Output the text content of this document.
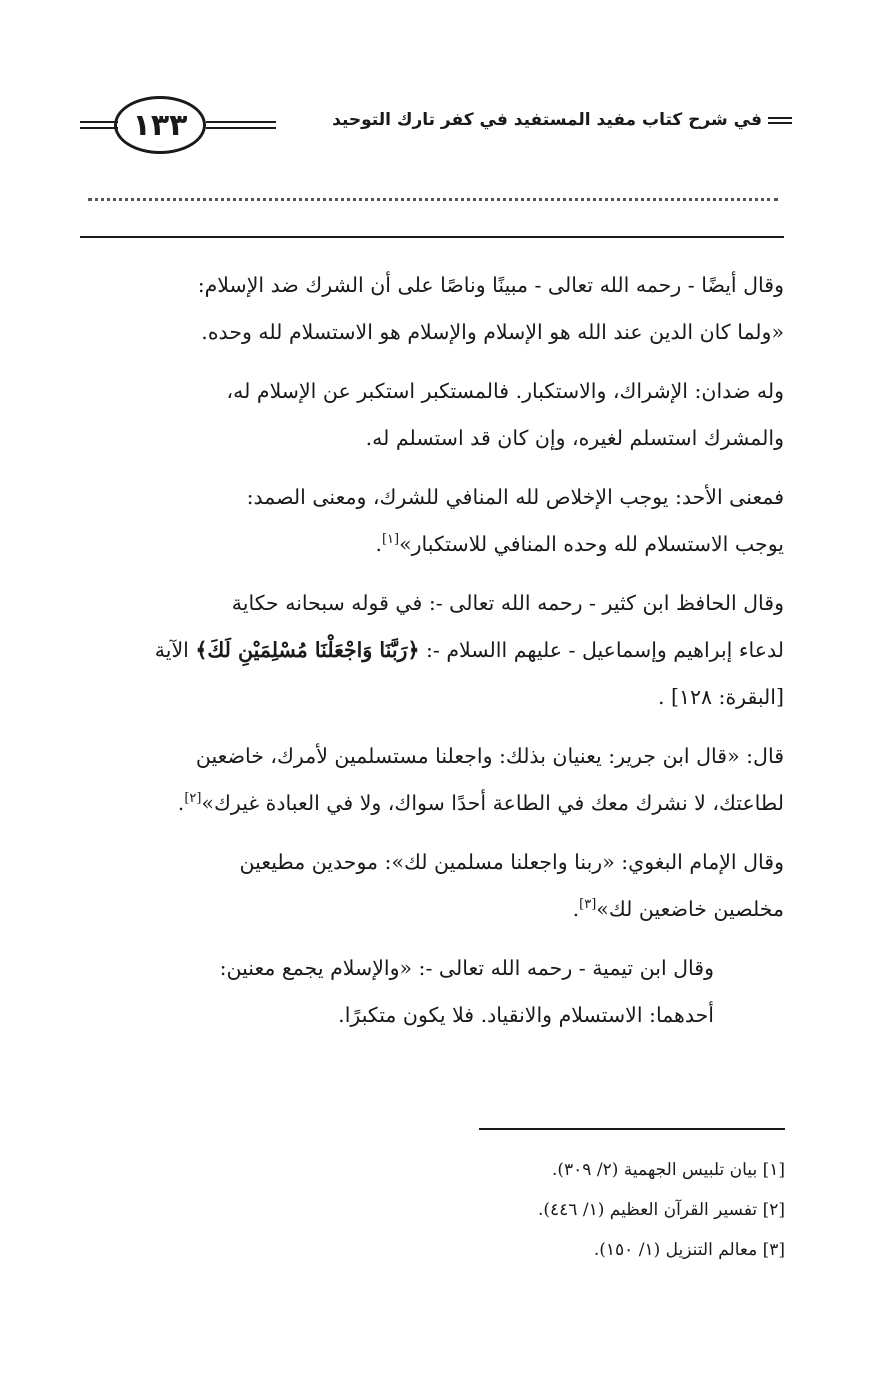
١٣٣	في شرح كتاب مفيد المستفيد في كفر تارك التوحيد

وقال أيضًا - رحمه الله تعالى - مبينًا وناصًا على أن الشرك ضد الإسلام:
«ولما كان الدين عند الله هو الإسلام والإسلام هو الاستسلام لله وحده.

وله ضدان: الإشراك، والاستكبار. فالمستكبر استكبر عن الإسلام له،
والمشرك استسلم لغيره، وإن كان قد استسلم له.

فمعنى الأحد: يوجب الإخلاص لله المنافي للشرك، ومعنى الصمد:
يوجب الاستسلام لله وحده المنافي للاستكبار»[١].

وقال الحافظ ابن كثير - رحمه الله تعالى -: في قوله سبحانه حكاية
لدعاء إبراهيم وإسماعيل - عليهم االسلام -: ﴿رَبَّنَا وَاجْعَلْنَا مُسْلِمَيْنِ لَكَ﴾ الآية
[البقرة: ١٢٨] .

قال: «قال ابن جرير: يعنيان بذلك: واجعلنا مستسلمين لأمرك، خاضعين
لطاعتك، لا نشرك معك في الطاعة أحدًا سواك، ولا في العبادة غيرك»[٢].

وقال الإمام البغوي: «ربنا واجعلنا مسلمين لك»: موحدين مطيعين
مخلصين خاضعين لك»[٣].

وقال ابن تيمية - رحمه الله تعالى -: «والإسلام يجمع معنين:
أحدهما: الاستسلام والانقياد. فلا يكون متكبرًا.

[١] بيان تلبيس الجهمية (٢/ ٣٠٩).
[٢] تفسير القرآن العظيم (١/ ٤٤٦).
[٣] معالم التنزيل (١/ ١٥٠).
